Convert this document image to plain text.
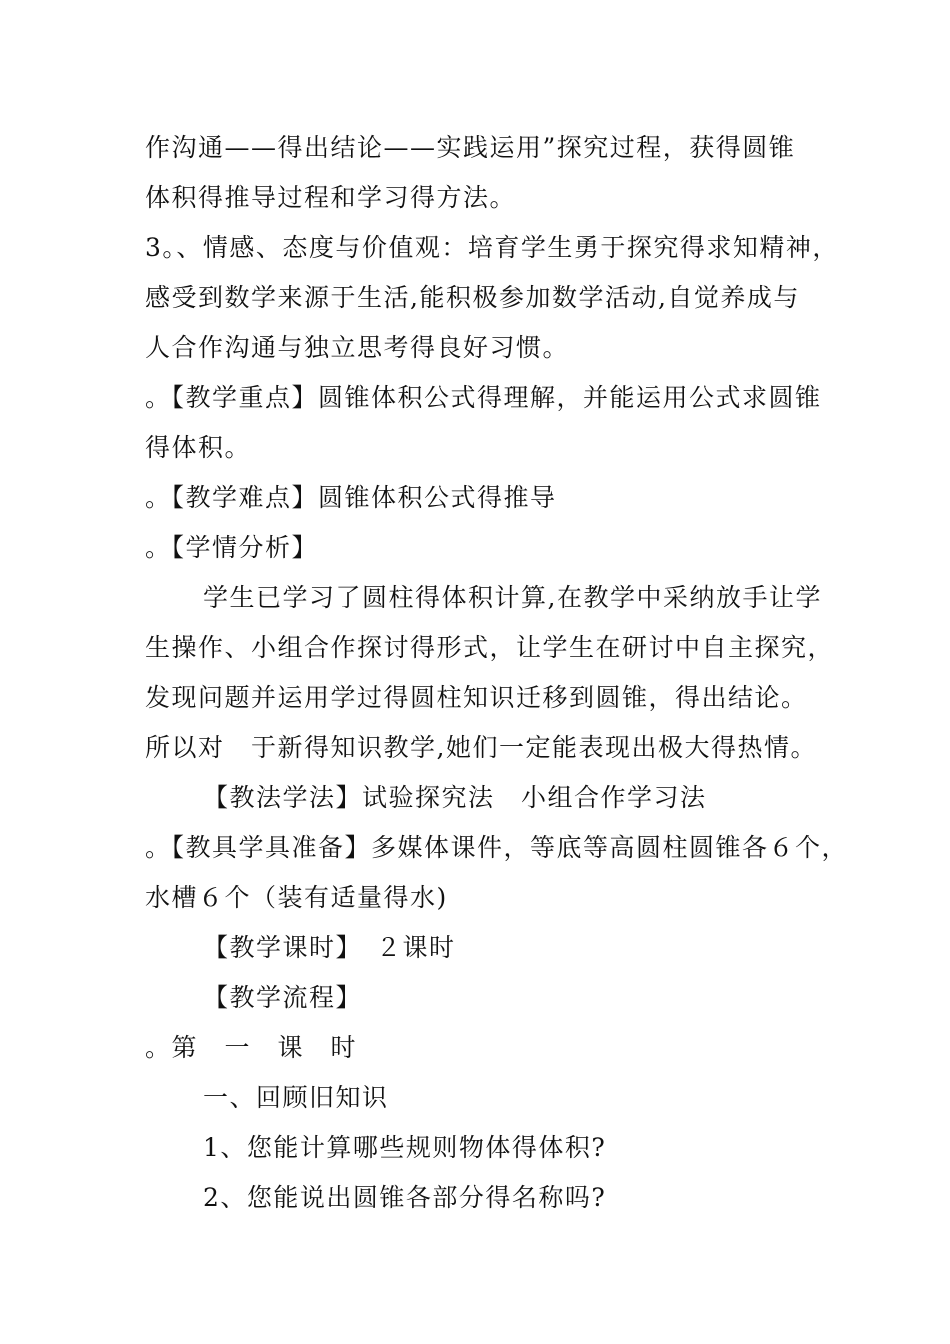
作沟通——得出结论——实践运用”探究过程，获得圆锥
体积得推导过程和学习得方法。
3。、情感、态度与价值观：培育学生勇于探究得求知精神，
感受到数学来源于生活,能积极参加数学活动,自觉养成与
人合作沟通与独立思考得良好习惯。
。【教学重点】圆锥体积公式得理解，并能运用公式求圆锥
得体积。
。【教学难点】圆锥体积公式得推导
。【学情分析】
学生已学习了圆柱得体积计算,在教学中采纳放手让学
生操作、小组合作探讨得形式，让学生在研讨中自主探究，
发现问题并运用学过得圆柱知识迁移到圆锥，得出结论。
所以对　于新得知识教学,她们一定能表现出极大得热情。
【教法学法】试验探究法　小组合作学习法
。【教具学具准备】多媒体课件，等底等高圆柱圆锥各６个，
水槽６个（装有适量得水)
【教学课时】　２课时
【教学流程】
。第　一　课　时
一、回顾旧知识
1、您能计算哪些规则物体得体积?
2、您能说出圆锥各部分得名称吗?
